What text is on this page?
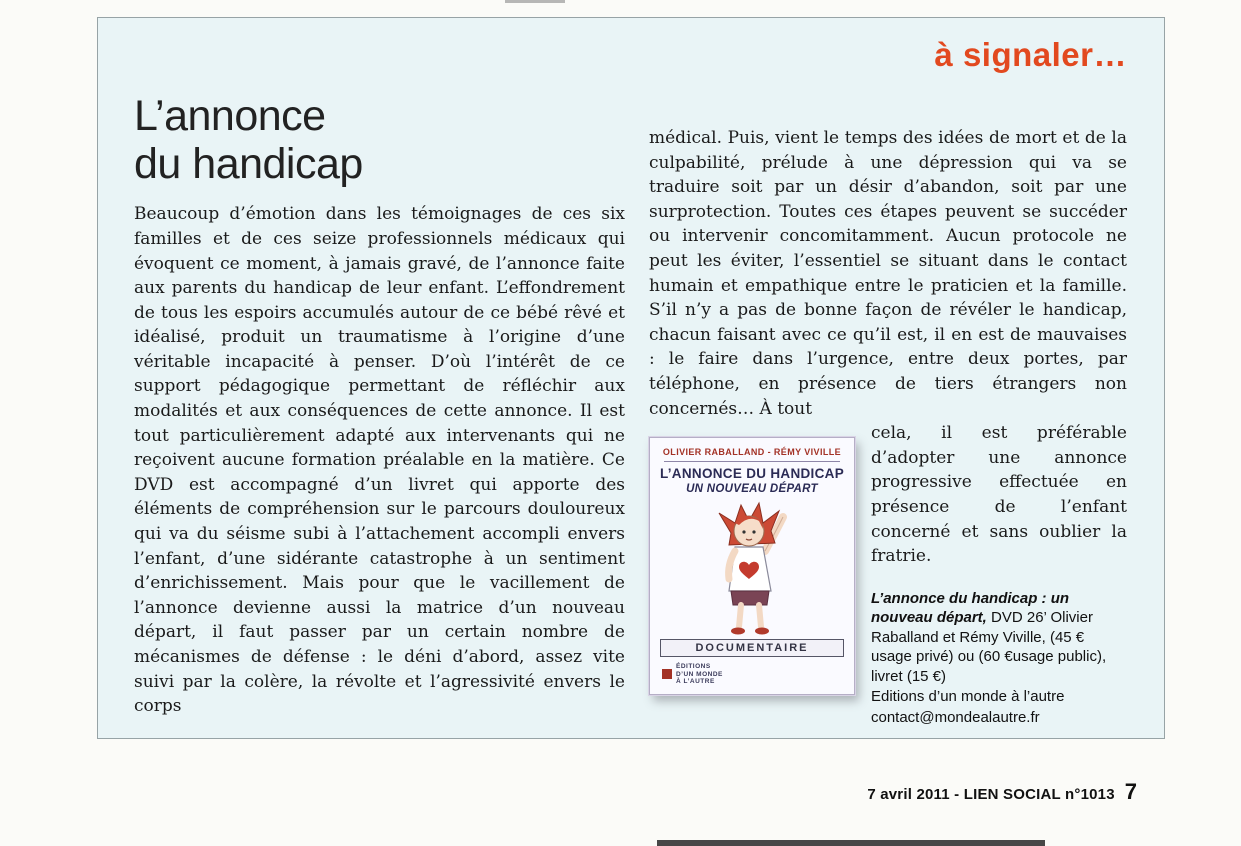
à signaler…
L’annonce
du handicap

Beaucoup d’émotion dans les témoignages de ces six familles et de ces seize professionnels médicaux qui évoquent ce moment, à jamais gravé, de l’annonce faite aux parents du handicap de leur enfant. L’effondrement de tous les espoirs accumulés autour de ce bébé rêvé et idéalisé, produit un traumatisme à l’origine d’une véritable incapacité à penser. D’où l’intérêt de ce support pédagogique permettant de réfléchir aux modalités et aux conséquences de cette annonce. Il est tout particulièrement adapté aux intervenants qui ne reçoivent aucune formation préalable en la matière. Ce DVD est accompagné d’un livret qui apporte des éléments de compréhension sur le parcours douloureux qui va du séisme subi à l’attachement accompli envers l’enfant, d’une sidérante catastrophe à un sentiment d’enrichissement. Mais pour que le vacillement de l’annonce devienne aussi la matrice d’un nouveau départ, il faut passer par un certain nombre de mécanismes de défense : le déni d’abord, assez vite suivi par la colère, la révolte et l’agressivité envers le corps

médical. Puis, vient le temps des idées de mort et de la culpabilité, prélude à une dépression qui va se traduire soit par un désir d’abandon, soit par une surprotection. Toutes ces étapes peuvent se succéder ou intervenir concomitamment. Aucun protocole ne peut les éviter, l’essentiel se situant dans le contact humain et empathique entre le praticien et la famille. S’il n’y a pas de bonne façon de révéler le handicap, chacun faisant avec ce qu’il est, il en est de mauvaises : le faire dans l’urgence, entre deux portes, par téléphone, en présence de tiers étrangers non concernés… À tout

OLIVIER RABALLAND - RÉMY VIVILLE
L’ANNONCE DU HANDICAP
UN NOUVEAU DÉPART
DOCUMENTAIRE
ÉDITIONS
D’UN MONDE
À L’AUTRE

cela, il est préférable d’adopter une annonce progressive effectuée en présence de l’enfant concerné et sans oublier la fratrie.

L’annonce du handicap : un nouveau départ, DVD 26’ Olivier Raballand et Rémy Viville, (45 € usage privé) ou (60 €usage public), livret (15 €)

Editions d’un monde à l’autre
contact@mondealautre.fr
7 avril 2011 - LIEN SOCIAL n°1013 7
